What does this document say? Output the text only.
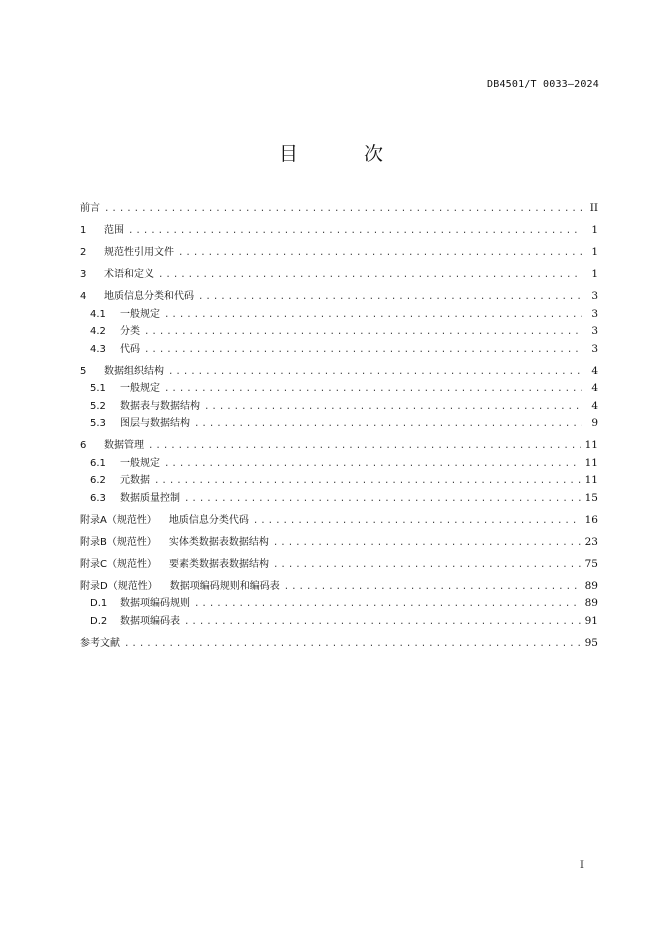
DB4501/T 0033—2024
目 次
前言 .....	II
1	范围 .....	1
2	规范性引用文件 .....	1
3	术语和定义 .....	1
4	地质信息分类和代码 .....	3
4.1	一般规定 .....	3
4.2	分类 .....	3
4.3	代码 .....	3
5	数据组织结构 .....	4
5.1	一般规定 .....	4
5.2	数据表与数据结构 .....	4
5.3	图层与数据结构 .....	9
6	数据管理 .....	11
6.1	一般规定 .....	11
6.2	元数据 .....	11
6.3	数据质量控制 .....	15
附录A（规范性） 地质信息分类代码 .....	16
附录B（规范性） 实体类数据表数据结构 .....	23
附录C（规范性） 要素类数据表数据结构 .....	75
附录D（规范性） 数据项编码规则和编码表 .....	89
D.1 数据项编码规则 .....	89
D.2 数据项编码表 .....	91
参考文献 .....	95
I
